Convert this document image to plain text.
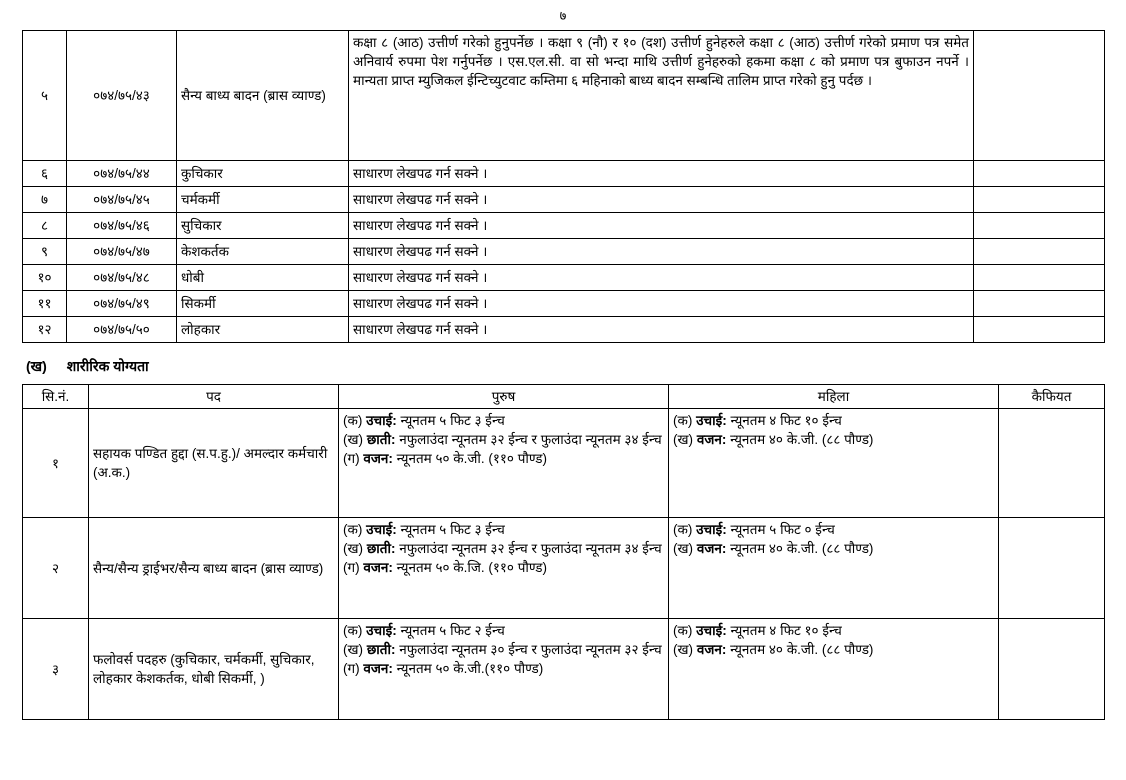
७
५	०७४/७५/४३	सैन्य बाध्य बादन (ब्रास व्याण्ड)	कक्षा ८ (आठ) उत्तीर्ण गरेको हुनुपर्नेछ । कक्षा ९ (नौ) र १० (दश) उत्तीर्ण हुनेहरुले कक्षा ८ (आठ) उत्तीर्ण गरेको प्रमाण पत्र समेत अनिवार्य रुपमा पेश गर्नुपर्नेछ । एस.एल.सी. वा सो भन्दा माथि उत्तीर्ण हुनेहरुको हकमा कक्षा ८ को प्रमाण पत्र बुफाउन नपर्ने । मान्यता प्राप्त म्युजिकल ईन्टिच्युटवाट कम्तिमा ६ महिनाको बाध्य बादन सम्बन्धि तालिम प्राप्त गरेको हुनु पर्दछ ।	
६	०७४/७५/४४	कुचिकार	साधारण लेखपढ गर्न सक्ने ।	
७	०७४/७५/४५	चर्मकर्मी	साधारण लेखपढ गर्न सक्ने ।	
८	०७४/७५/४६	सुचिकार	साधारण लेखपढ गर्न सक्ने ।	
९	०७४/७५/४७	केशकर्तक	साधारण लेखपढ गर्न सक्ने ।	
१०	०७४/७५/४८	धोबी	साधारण लेखपढ गर्न सक्ने ।	
११	०७४/७५/४९	सिकर्मी	साधारण लेखपढ गर्न सक्ने ।	
१२	०७४/७५/५०	लोहकार	साधारण लेखपढ गर्न सक्ने ।	
(ख) शारीरिक योग्यता
सि.नं.	पद	पुरुष	महिला	कैफियत
१	सहायक पण्डित हुद्दा (स.प.हु.)/ अमल्दार कर्मचारी (अ.क.)	(क) उचाई: न्यूनतम ५ फिट ३ ईन्च
(ख) छाती: नफुलाउंदा न्यूनतम ३२ ईन्च र फुलाउंदा न्यूनतम ३४ ईन्च
(ग) वजन: न्यूनतम ५० के.जी. (११० पौण्ड)	(क) उचाई: न्यूनतम ४ फिट १० ईन्च
(ख) वजन: न्यूनतम ४० के.जी. (८८ पौण्ड)	

२	सैन्य/सैन्य ड्राईभर/सैन्य बाध्य बादन (ब्रास व्याण्ड)	(क) उचाई: न्यूनतम ५ फिट ३ ईन्च
(ख) छाती: नफुलाउंदा न्यूनतम ३२ ईन्च र फुलाउंदा न्यूनतम ३४ ईन्च
(ग) वजन: न्यूनतम ५० के.जि. (११० पौण्ड)	(क) उचाई: न्यूनतम ५ फिट ० ईन्च
(ख) वजन: न्यूनतम ४० के.जी. (८८ पौण्ड)	

३	फलोवर्स पदहरु (कुचिकार, चर्मकर्मी, सुचिकार, लोहकार केशकर्तक, धोबी सिकर्मी, )	(क) उचाई: न्यूनतम ५ फिट २ ईन्च
(ख) छाती: नफुलाउंदा न्यूनतम ३० ईन्च र फुलाउंदा न्यूनतम ३२ ईन्च
(ग) वजन: न्यूनतम ५० के.जी.(११० पौण्ड)	(क) उचाई: न्यूनतम ४ फिट १० ईन्च
(ख) वजन: न्यूनतम ४० के.जी. (८८ पौण्ड)	
